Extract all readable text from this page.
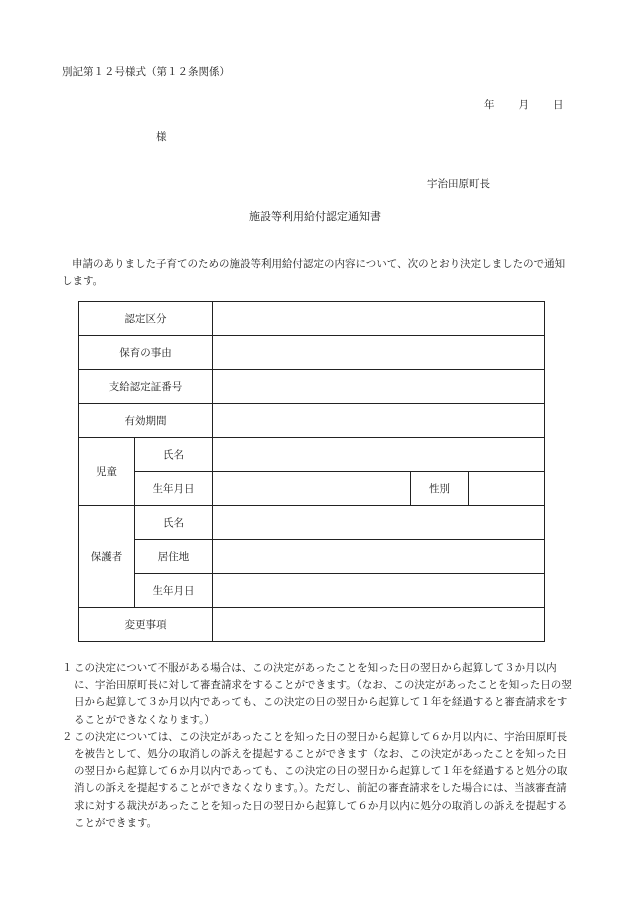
別記第１２号様式（第１２条関係）
年 月 日
様
宇治田原町長
施設等利用給付認定通知書
申請のありました子育てのための施設等利用給付認定の内容について、次のとおり決定しましたので通知します。
認定区分				
保育の事由				
支給認定証番号				
有効期間				
児童	氏名			
	生年月日		性別	
保護者	氏名			
	居住地			
	生年月日			
変更事項				
１ この決定について不服がある場合は、この決定があったことを知った日の翌日から起算して３か月以内に、宇治田原町長に対して審査請求をすることができます。（なお、この決定があったことを知った日の翌日から起算して３か月以内であっても、この決定の日の翌日から起算して１年を経過すると審査請求をすることができなくなります。）
２ この決定については、この決定があったことを知った日の翌日から起算して６か月以内に、宇治田原町長を被告として、処分の取消しの訴えを提起することができます（なお、この決定があったことを知った日の翌日から起算して６か月以内であっても、この決定の日の翌日から起算して１年を経過すると処分の取消しの訴えを提起することができなくなります。）。ただし、前記の審査請求をした場合には、当該審査請求に対する裁決があったことを知った日の翌日から起算して６か月以内に処分の取消しの訴えを提起することができます。
